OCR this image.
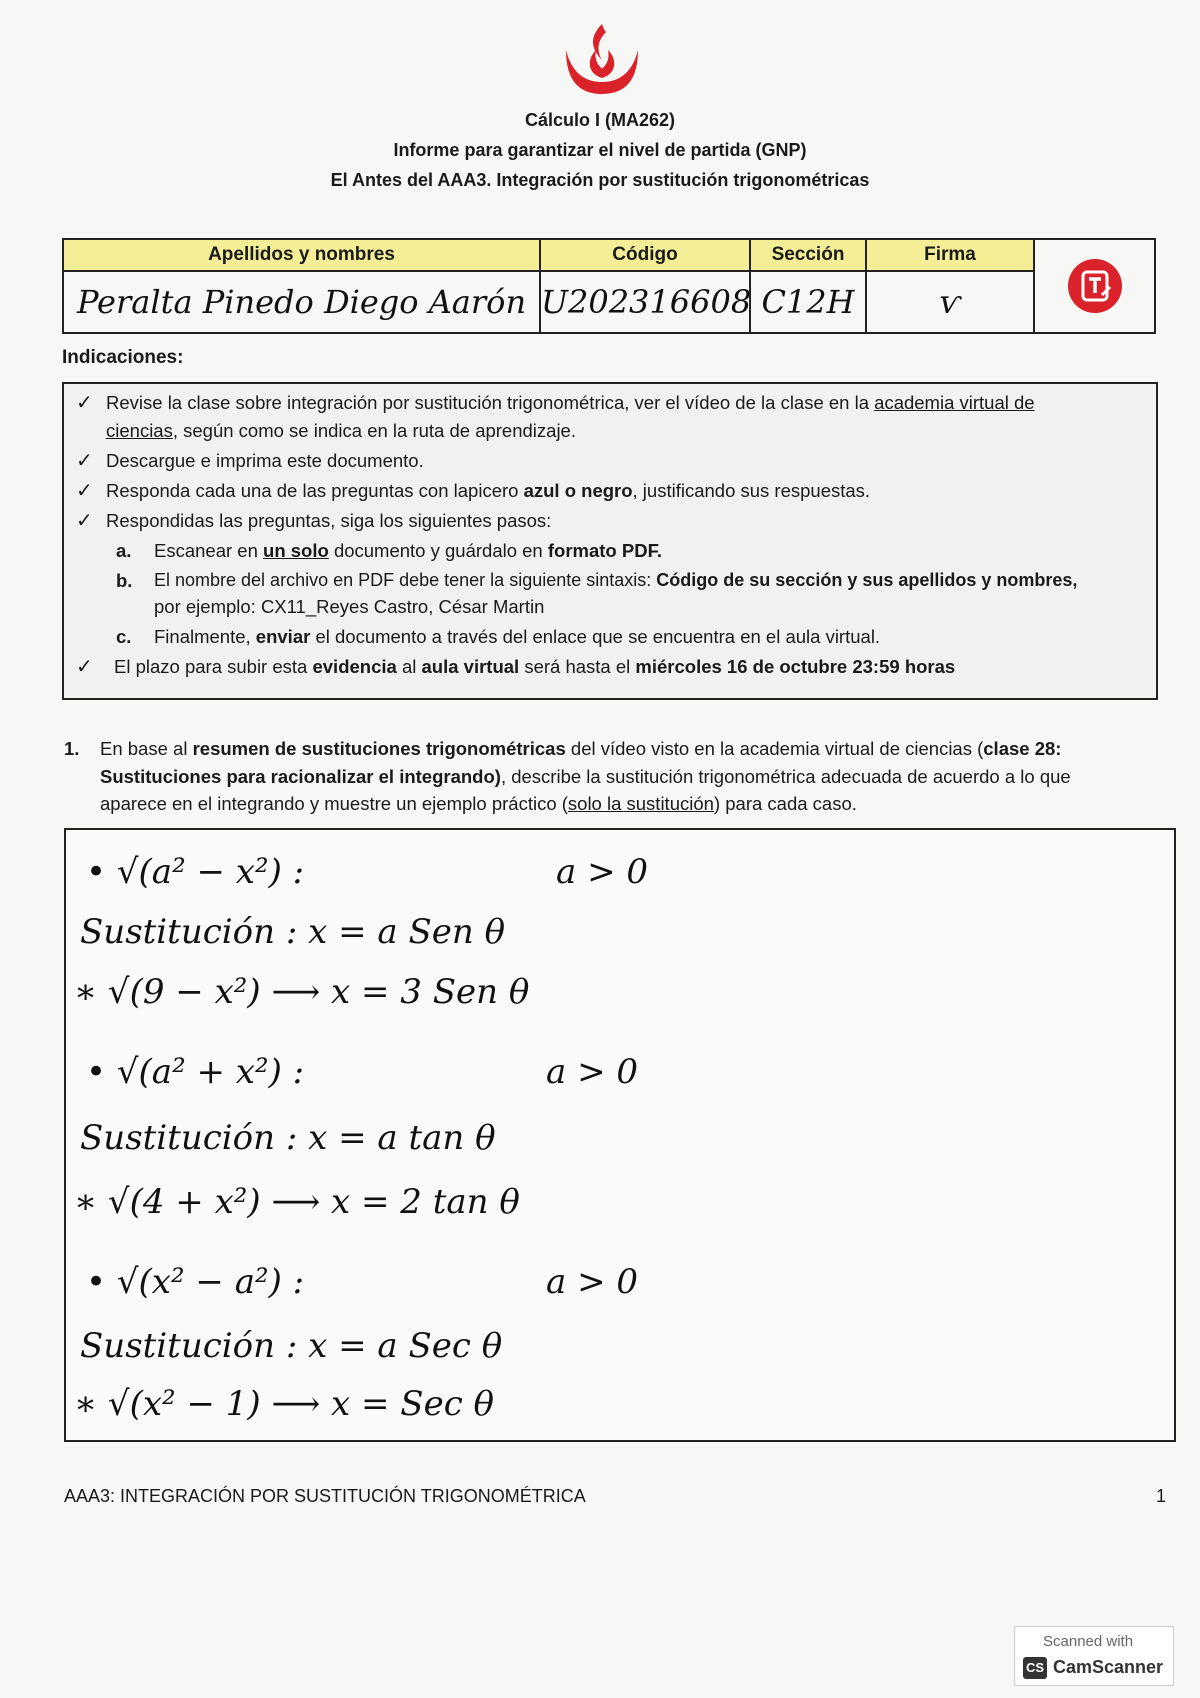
Cálculo I (MA262)
Informe para garantizar el nivel de partida (GNP)
El Antes del AAA3. Integración por sustitución trigonométricas
Apellidos y nombres	Código	Sección	Firma	

Peralta Pinedo Diego Aarón	U202316608	C12H	ѵ	
Indicaciones:
✓ Revise la clase sobre integración por sustitución trigonométrica, ver el vídeo de la clase en la academia virtual de
ciencias, según como se indica en la ruta de aprendizaje.
✓ Descargue e imprima este documento.
✓ Responda cada una de las preguntas con lapicero azul o negro, justificando sus respuestas.
✓ Respondidas las preguntas, siga los siguientes pasos:
a. Escanear en un solo documento y guárdalo en formato PDF.
b. El nombre del archivo en PDF debe tener la siguiente sintaxis: Código de su sección y sus apellidos y nombres,
por ejemplo: CX11_Reyes Castro, César Martin
c. Finalmente, enviar el documento a través del enlace que se encuentra en el aula virtual.
✓ El plazo para subir esta evidencia al aula virtual será hasta el miércoles 16 de octubre 23:59 horas
1. En base al resumen de sustituciones trigonométricas del vídeo visto en la academia virtual de ciencias (clase 28:
Sustituciones para racionalizar el integrando), describe la sustitución trigonométrica adecuada de acuerdo a lo que
aparece en el integrando y muestre un ejemplo práctico (solo la sustitución) para cada caso.
• √(a² − x²) :	a > 0
Sustitución : x = a Sen θ
∗ √(9 − x²) ⟶ x = 3 Sen θ
• √(a² + x²) :	a > 0
Sustitución : x = a tan θ
∗ √(4 + x²) ⟶ x = 2 tan θ
• √(x² − a²) :	a > 0
Sustitución : x = a Sec θ
∗ √(x² − 1) ⟶ x = Sec θ
AAA3: INTEGRACIÓN POR SUSTITUCIÓN TRIGONOMÉTRICA	1
Scanned with
CS CamScanner
